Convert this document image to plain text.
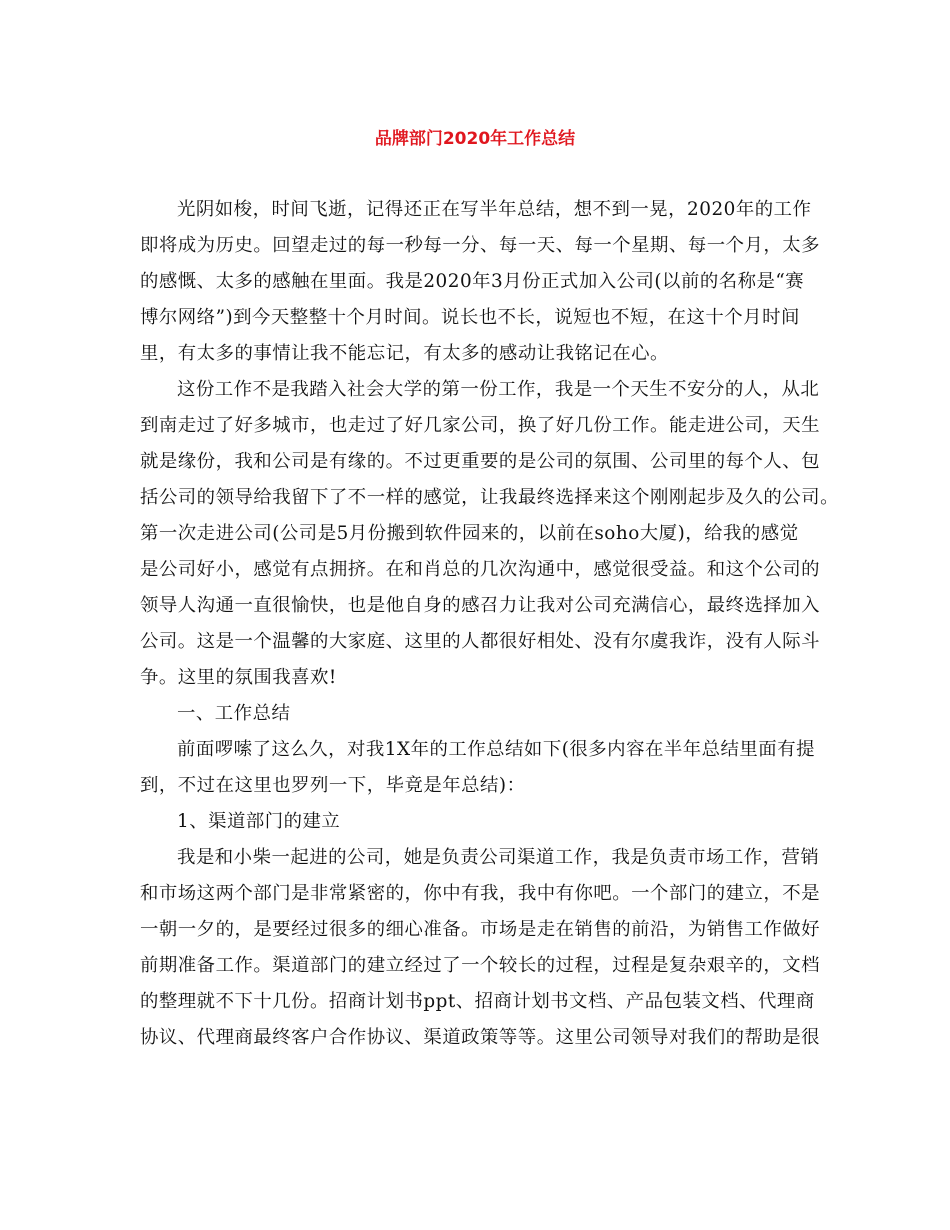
品牌部门2020年工作总结
光阴如梭，时间飞逝，记得还正在写半年总结，想不到一晃，2020年的工作
即将成为历史。回望走过的每一秒每一分、每一天、每一个星期、每一个月，太多
的感慨、太多的感触在里面。我是2020年3月份正式加入公司(以前的名称是“赛
博尔网络”)到今天整整十个月时间。说长也不长，说短也不短，在这十个月时间
里，有太多的事情让我不能忘记，有太多的感动让我铭记在心。
这份工作不是我踏入社会大学的第一份工作，我是一个天生不安分的人，从北
到南走过了好多城市，也走过了好几家公司，换了好几份工作。能走进公司，天生
就是缘份，我和公司是有缘的。不过更重要的是公司的氛围、公司里的每个人、包
括公司的领导给我留下了不一样的感觉，让我最终选择来这个刚刚起步及久的公司。
第一次走进公司(公司是5月份搬到软件园来的，以前在soho大厦)，给我的感觉
是公司好小，感觉有点拥挤。在和肖总的几次沟通中，感觉很受益。和这个公司的
领导人沟通一直很愉快，也是他自身的感召力让我对公司充满信心，最终选择加入
公司。这是一个温馨的大家庭、这里的人都很好相处、没有尔虞我诈，没有人际斗
争。这里的氛围我喜欢!
一、工作总结
前面啰嗦了这么久，对我1X年的工作总结如下(很多内容在半年总结里面有提
到，不过在这里也罗列一下，毕竟是年总结)：
1、渠道部门的建立
我是和小柴一起进的公司，她是负责公司渠道工作，我是负责市场工作，营销
和市场这两个部门是非常紧密的，你中有我，我中有你吧。一个部门的建立，不是
一朝一夕的，是要经过很多的细心准备。市场是走在销售的前沿，为销售工作做好
前期准备工作。渠道部门的建立经过了一个较长的过程，过程是复杂艰辛的，文档
的整理就不下十几份。招商计划书ppt、招商计划书文档、产品包装文档、代理商
协议、代理商最终客户合作协议、渠道政策等等。这里公司领导对我们的帮助是很
